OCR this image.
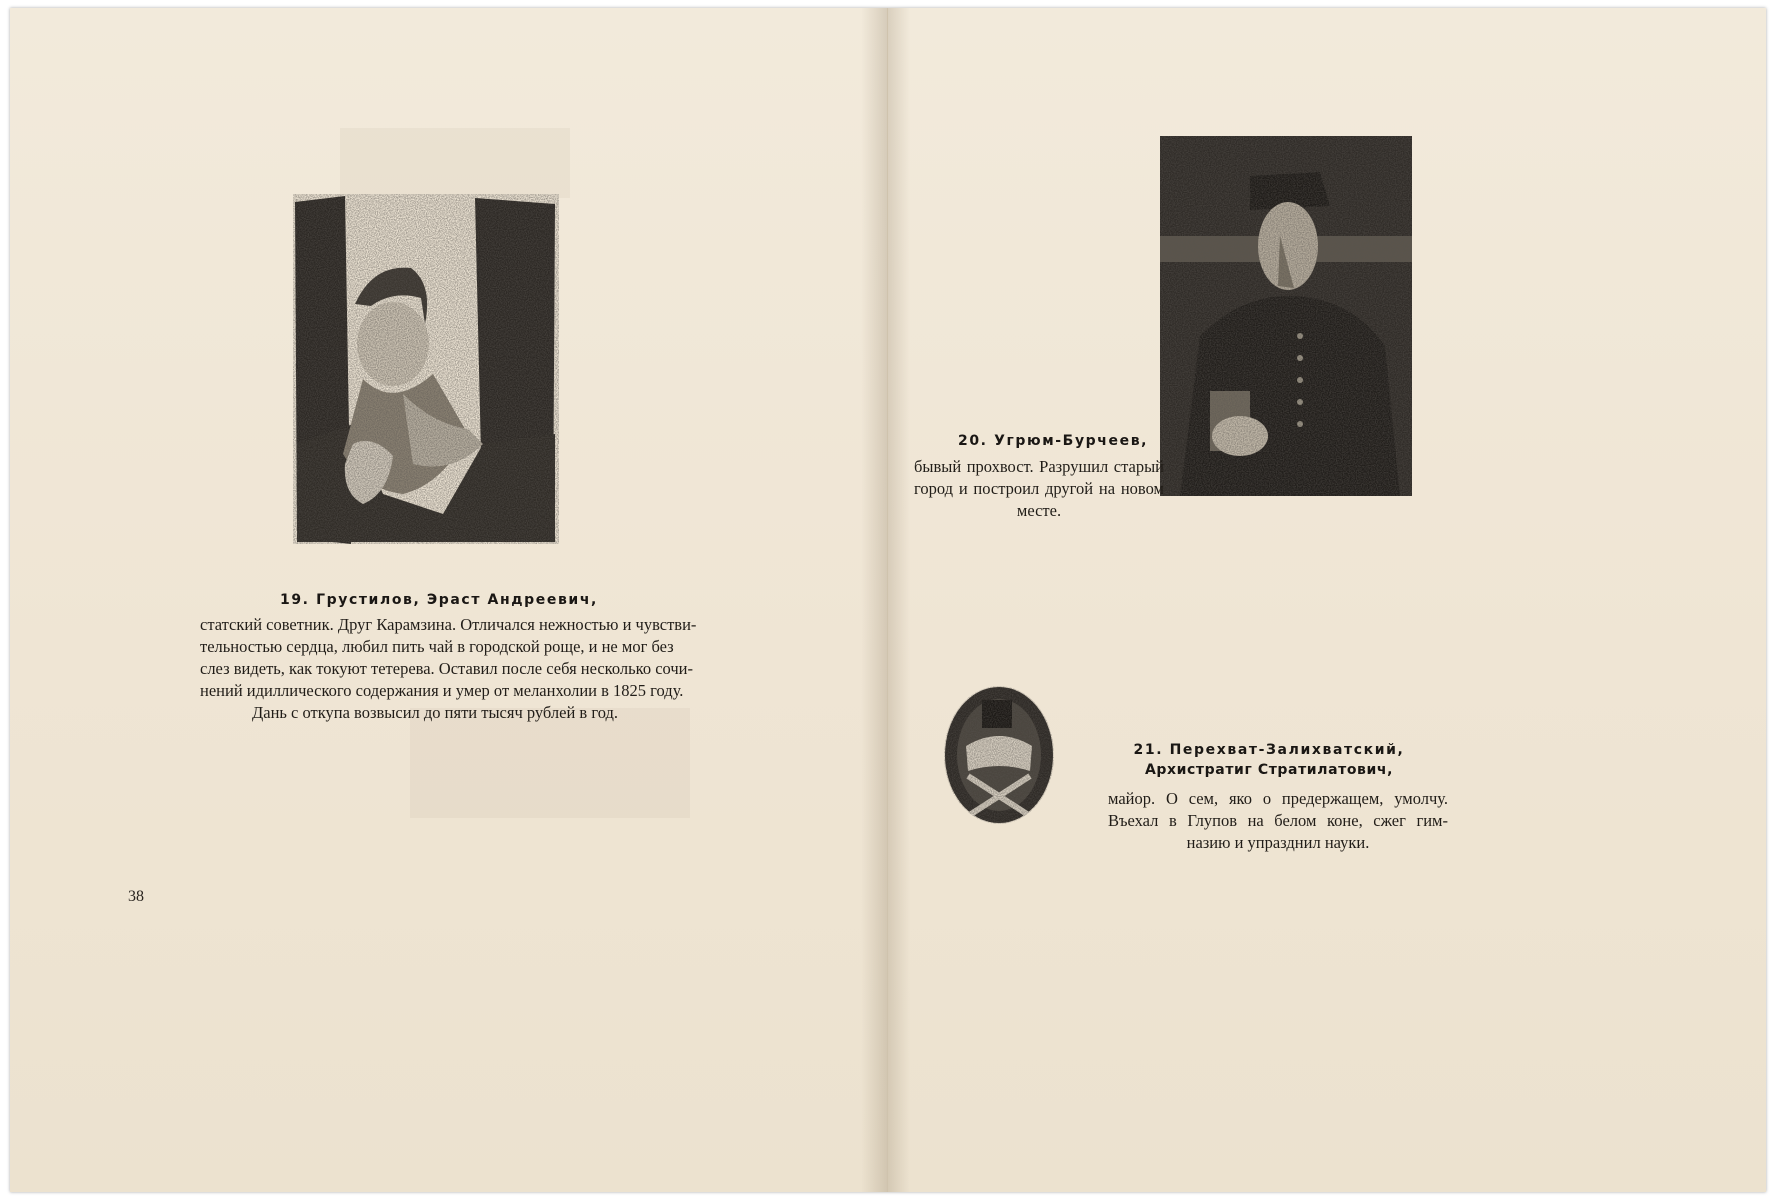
19. Грустилов, Эраст Андреевич,
статский советник. Друг Карамзина. Отличался нежностью и чувстви-
тельностью сердца, любил пить чай в городской роще, и не мог без
слез видеть, как токуют тетерева. Оставил после себя несколько сочи-
нений идиллического содержания и умер от меланхолии в 1825 году.
Дань с откупа возвысил до пяти тысяч рублей в год.
38
20. Угрюм-Бурчеев,
бывый прохвост. Разрушил старый
город и построил другой на новом
месте.
21. Перехват-Залихватский,
Архистратиг Стратилатович,
майор. О сем, яко о предержащем, умолчу.
Въехал в Глупов на белом коне, сжег гим-
назию и упразднил науки.
